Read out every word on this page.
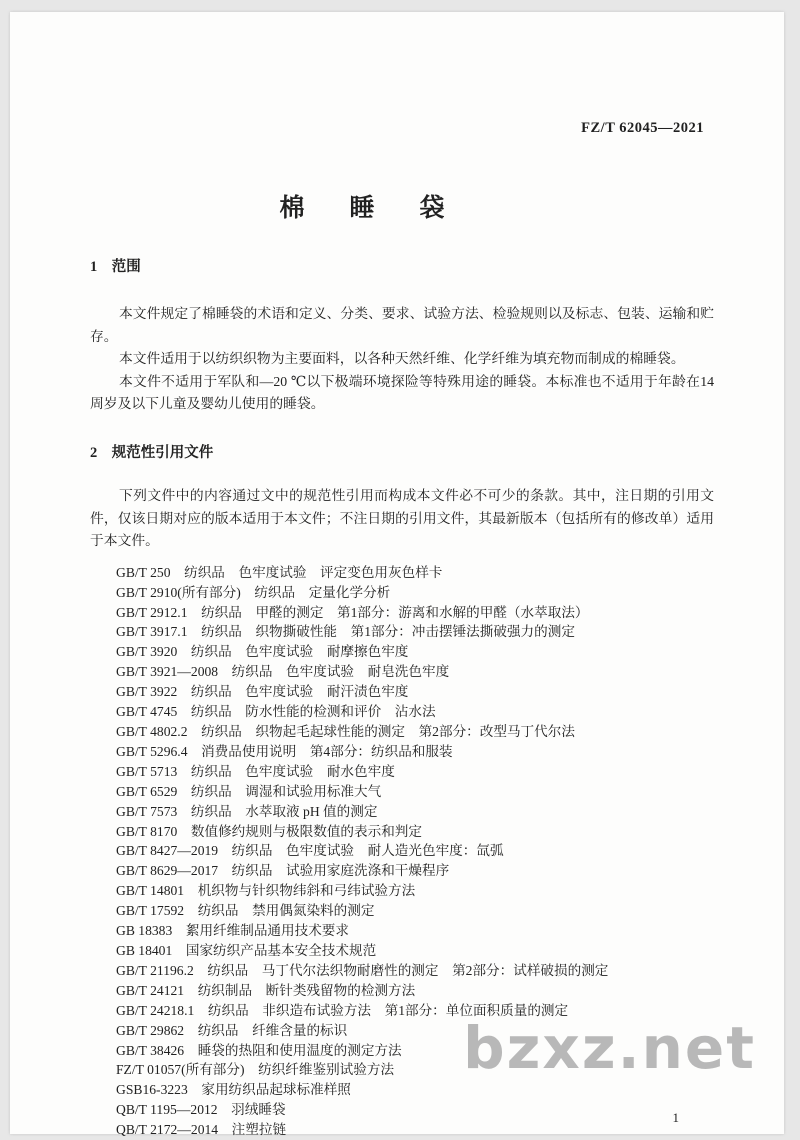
FZ/T 62045—2021
棉　睡　袋
1　范围

本文件规定了棉睡袋的术语和定义、分类、要求、试验方法、检验规则以及标志、包装、运输和贮存。

本文件适用于以纺织织物为主要面料，以各种天然纤维、化学纤维为填充物而制成的棉睡袋。

本文件不适用于军队和—20 ℃以下极端环境探险等特殊用途的睡袋。本标准也不适用于年龄在14 周岁及以下儿童及婴幼儿使用的睡袋。

2　规范性引用文件

下列文件中的内容通过文中的规范性引用而构成本文件必不可少的条款。其中，注日期的引用文件，仅该日期对应的版本适用于本文件；不注日期的引用文件，其最新版本（包括所有的修改单）适用于本文件。

GB/T 250　纺织品　色牢度试验　评定变色用灰色样卡

GB/T 2910(所有部分)　纺织品　定量化学分析

GB/T 2912.1　纺织品　甲醛的测定　第1部分：游离和水解的甲醛（水萃取法）

GB/T 3917.1　纺织品　织物撕破性能　第1部分：冲击摆锤法撕破强力的测定

GB/T 3920　纺织品　色牢度试验　耐摩擦色牢度

GB/T 3921—2008　纺织品　色牢度试验　耐皂洗色牢度

GB/T 3922　纺织品　色牢度试验　耐汗渍色牢度

GB/T 4745　纺织品　防水性能的检测和评价　沾水法

GB/T 4802.2　纺织品　织物起毛起球性能的测定　第2部分：改型马丁代尔法

GB/T 5296.4　消费品使用说明　第4部分：纺织品和服装

GB/T 5713　纺织品　色牢度试验　耐水色牢度

GB/T 6529　纺织品　调湿和试验用标准大气

GB/T 7573　纺织品　水萃取液 pH 值的测定

GB/T 8170　数值修约规则与极限数值的表示和判定

GB/T 8427—2019　纺织品　色牢度试验　耐人造光色牢度：氙弧

GB/T 8629—2017　纺织品　试验用家庭洗涤和干燥程序

GB/T 14801　机织物与针织物纬斜和弓纬试验方法

GB/T 17592　纺织品　禁用偶氮染料的测定

GB 18383　絮用纤维制品通用技术要求

GB 18401　国家纺织产品基本安全技术规范

GB/T 21196.2　纺织品　马丁代尔法织物耐磨性的测定　第2部分：试样破损的测定

GB/T 24121　纺织制品　断针类残留物的检测方法

GB/T 24218.1　纺织品　非织造布试验方法　第1部分：单位面积质量的测定

GB/T 29862　纺织品　纤维含量的标识

GB/T 38426　睡袋的热阻和使用温度的测定方法

FZ/T 01057(所有部分)　纺织纤维鉴别试验方法

GSB16-3223　家用纺织品起球标准样照

QB/T 1195—2012　羽绒睡袋

QB/T 2172—2014　注塑拉链

bzxz.net
1
